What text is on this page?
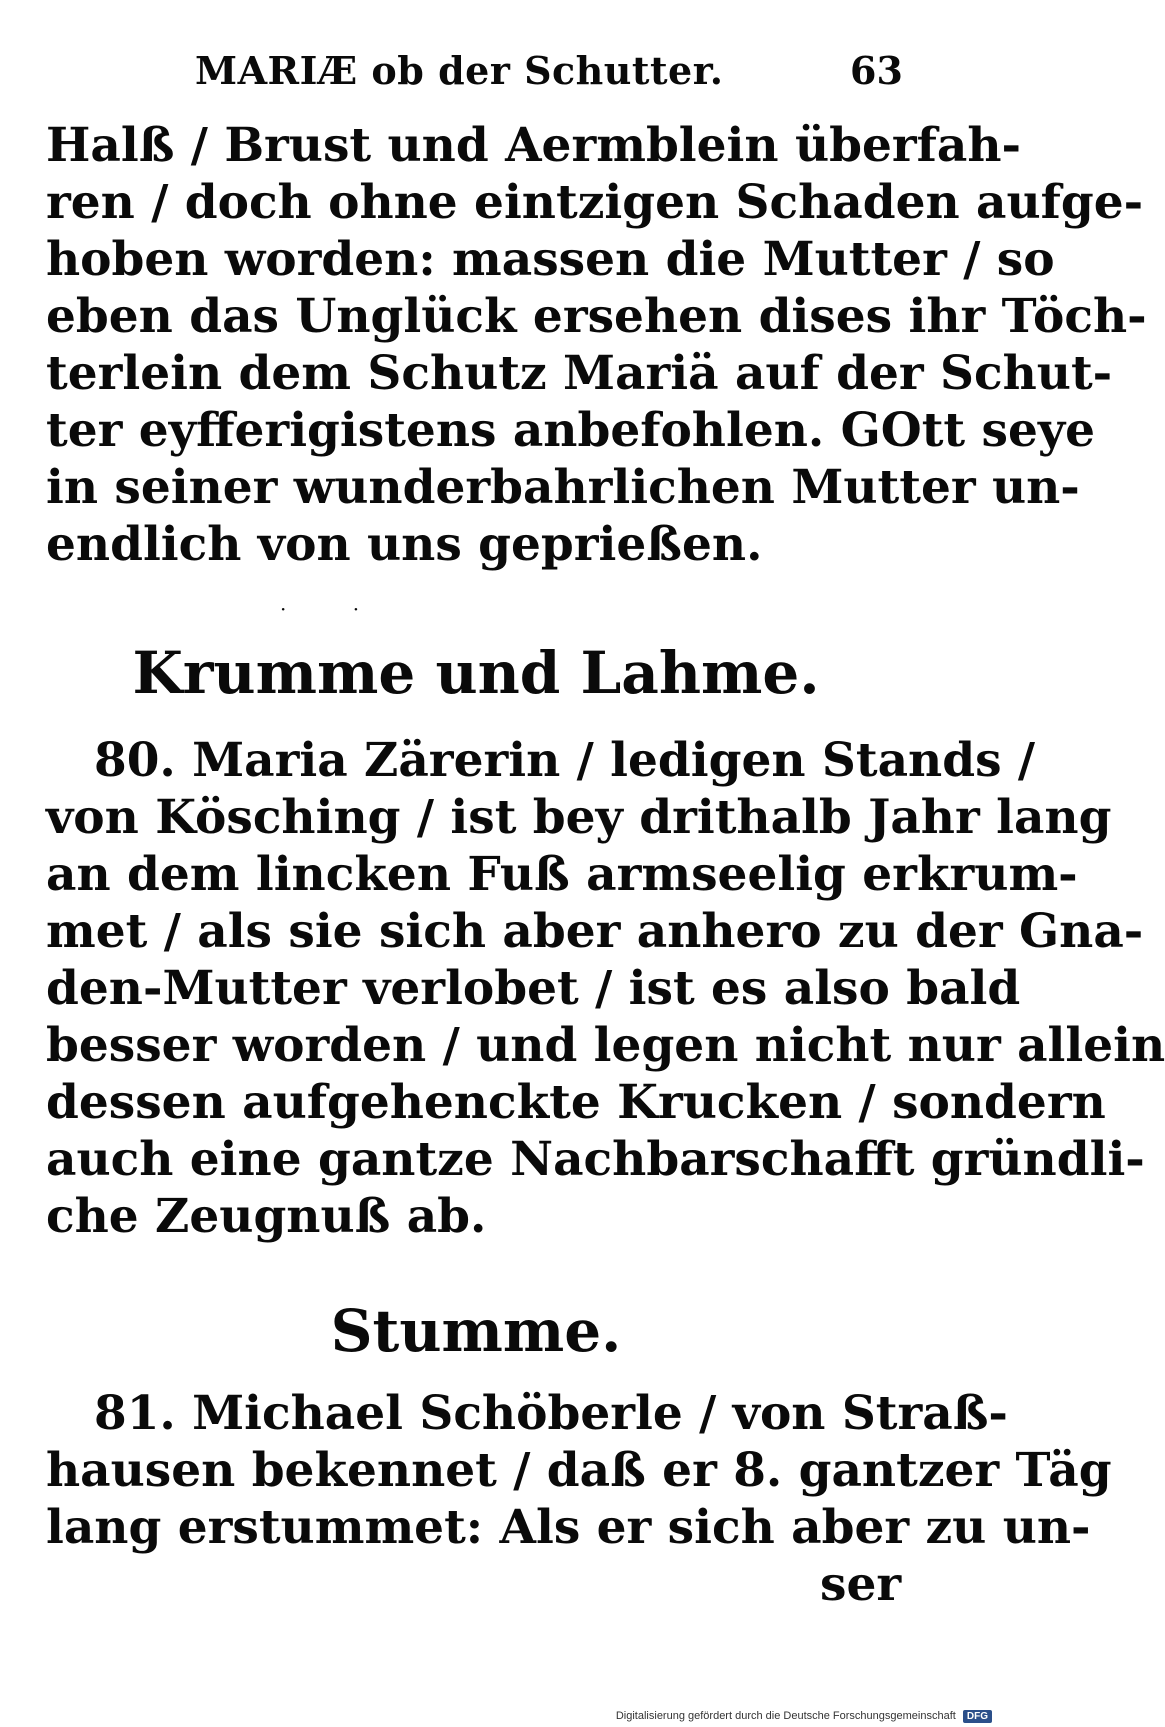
MARIÆ ob der Schutter.	63
Halß / Brust und Aermblein überfah-
ren / doch ohne eintzigen Schaden aufge-
hoben worden: massen die Mutter / so
eben das Unglück ersehen dises ihr Töch-
terlein dem Schutz Mariä auf der Schut-
ter eyfferigistens anbefohlen. GOtt seye
in seiner wunderbahrlichen Mutter un-
endlich von uns geprießen.
· ·
Krumme und Lahme.
80. Maria Zärerin / ledigen Stands /
von Kösching / ist bey drithalb Jahr lang
an dem lincken Fuß armseelig erkrum-
met / als sie sich aber anhero zu der Gna-
den-Mutter verlobet / ist es also bald
besser worden / und legen nicht nur allein
dessen aufgehenckte Krucken / sondern
auch eine gantze Nachbarschafft gründli-
che Zeugnuß ab.
Stumme.
81. Michael Schöberle / von Straß-
hausen bekennet / daß er 8. gantzer Täg
lang erstummet: Als er sich aber zu un-
ser
Digitalisierung gefördert durch die Deutsche Forschungsgemeinschaft DFG
